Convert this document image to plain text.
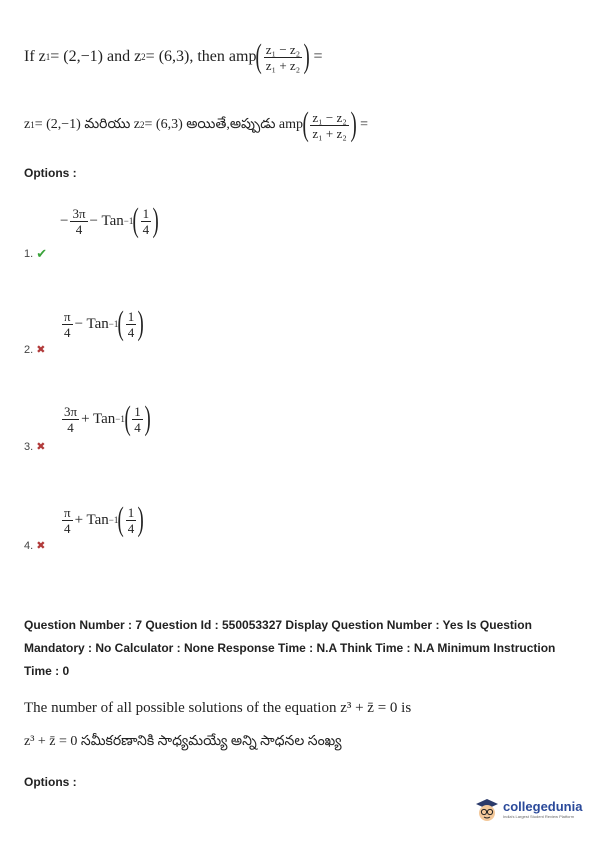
If z 1 = (2,−1) and z 2 = (6,3), then amp ( $\frac{\text{z₁ − z₂}}{\text{z₁ + z₂}}$ ) =
z 1 = (2,−1) మరియు z 2 = (6,3) అయితే,అప్పుడు amp ( $\frac{\text{z₁ − z₂}}{\text{z₁ + z₂}}$ ) =
Options :
− $\frac{3\pi}{4}$ − Tan −1 ( $\frac{1}{4}$ )
1. ✔
$\frac{\pi}{4}$ − Tan −1 ( $\frac{1}{4}$ )
2. ✖
$\frac{3\pi}{4}$ + Tan −1 ( $\frac{1}{4}$ )
3. ✖
$\frac{\pi}{4}$ + Tan −1 ( $\frac{1}{4}$ )
4. ✖
Question Number : 7 Question Id : 550053327 Display Question Number : Yes Is Question
Mandatory : No Calculator : None Response Time : N.A Think Time : N.A Minimum Instruction
Time : 0
The number of all possible solutions of the equation z³ + z̄ = 0 is
z³ + z̄ = 0 సమీకరణానికి సాధ్యమయ్యే అన్ని సాధనల సంఖ్య
Options :
collegedunia
India's Largest Student Review Platform
